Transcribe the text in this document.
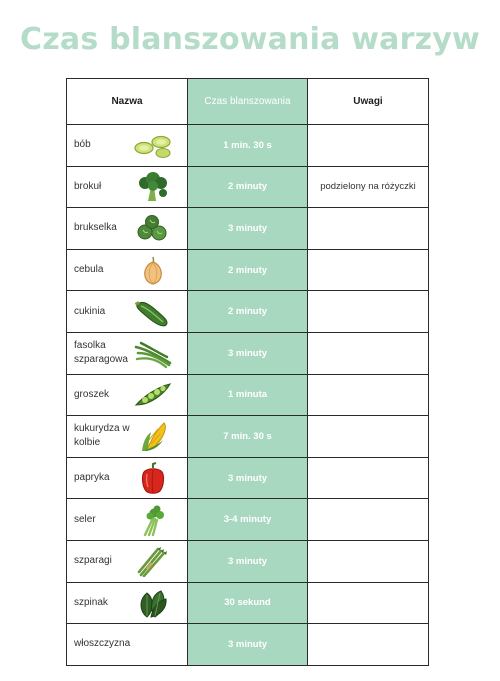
Czas blanszowania warzyw
Nazwa	Czas blanszowania	Uwagi
bób	1 min. 30 s	
brokuł	2 minuty	podzielony na różyczki
brukselka	3 minuty	
cebula	2 minuty	
cukinia	2 minuty	
fasolka szparagowa	3 minuty	
groszek	1 minuta	
kukurydza w kolbie	7 min. 30 s	
papryka	3 minuty	
seler	3-4 minuty	
szparagi	3 minuty	
szpinak	30 sekund	
włoszczyzna	3 minuty	
